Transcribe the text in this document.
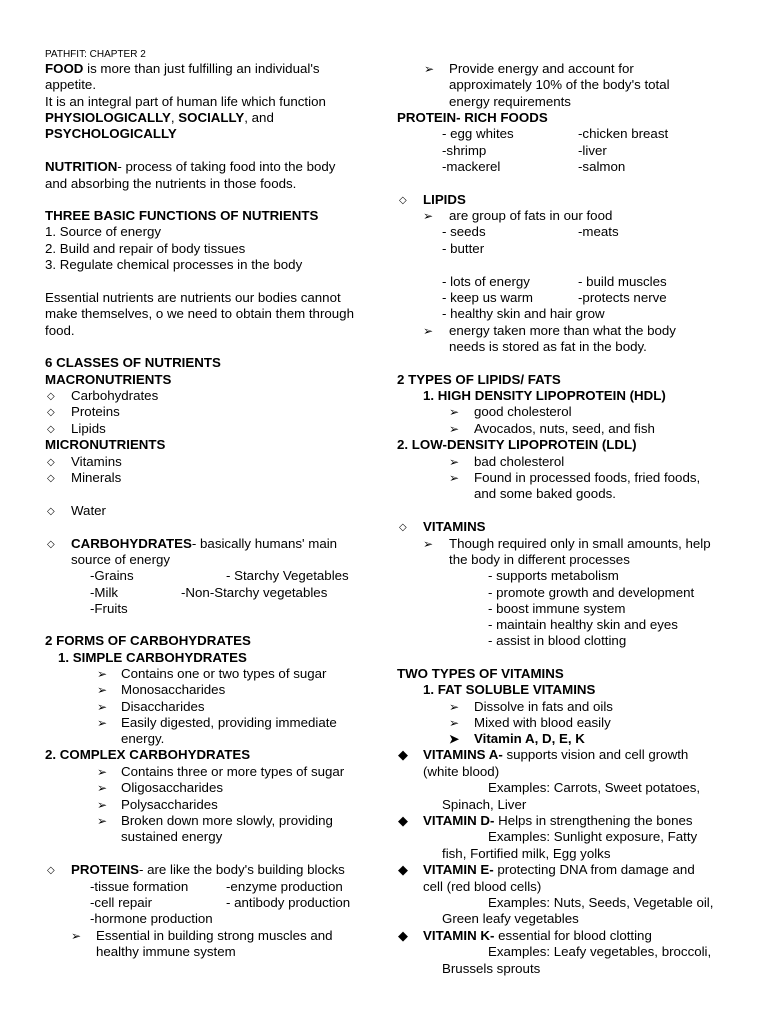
PATHFIT: CHAPTER 2
FOOD is more than just fulfilling an individual's
appetite.
It is an integral part of human life which function
PHYSIOLOGICALLY, SOCIALLY, and
PSYCHOLOGICALLY
NUTRITION- process of taking food into the body
and absorbing the nutrients in those foods.
THREE BASIC FUNCTIONS OF NUTRIENTS
1. Source of energy
2. Build and repair of body tissues
3. Regulate chemical processes in the body
Essential nutrients are nutrients our bodies cannot
make themselves, o we need to obtain them through
food.
6 CLASSES OF NUTRIENTS
MACRONUTRIENTS
◇ Carbohydrates
◇ Proteins
◇ Lipids
MICRONUTRIENTS
◇ Vitamins
◇ Minerals
◇ Water
◇ CARBOHYDRATES- basically humans' main
source of energy
-Grains	- Starchy Vegetables
-Milk	-Non-Starchy vegetables
-Fruits
2 FORMS OF CARBOHYDRATES
1. SIMPLE CARBOHYDRATES
➢ Contains one or two types of sugar
➢ Monosaccharides
➢ Disaccharides
➢ Easily digested, providing immediate
energy.
2. COMPLEX CARBOHYDRATES
➢ Contains three or more types of sugar
➢ Oligosaccharides
➢ Polysaccharides
➢ Broken down more slowly, providing
sustained energy
◇ PROTEINS- are like the body's building blocks
-tissue formation	-enzyme production
-cell repair	- antibody production
-hormone production
➢ Essential in building strong muscles and
healthy immune system
➢ Provide energy and account for
approximately 10% of the body's total
energy requirements
PROTEIN- RICH FOODS
- egg whites	-chicken breast
-shrimp	-liver
-mackerel	-salmon
◇ LIPIDS
➢ are group of fats in our food
- seeds	-meats
- butter
- lots of energy	- build muscles
- keep us warm	-protects nerve
- healthy skin and hair grow
➢ energy taken more than what the body
needs is stored as fat in the body.
2 TYPES OF LIPIDS/ FATS
1. HIGH DENSITY LIPOPROTEIN (HDL)
➢ good cholesterol
➢ Avocados, nuts, seed, and fish
2. LOW-DENSITY LIPOPROTEIN (LDL)
➢ bad cholesterol
➢ Found in processed foods, fried foods,
and some baked goods.
◇ VITAMINS
➢ Though required only in small amounts, help
the body in different processes
- supports metabolism
- promote growth and development
- boost immune system
- maintain healthy skin and eyes
- assist in blood clotting
TWO TYPES OF VITAMINS
1. FAT SOLUBLE VITAMINS
➢ Dissolve in fats and oils
➢ Mixed with blood easily
➤ Vitamin A, D, E, K
◆ VITAMINS A- supports vision and cell growth
(white blood)
Examples: Carrots, Sweet potatoes,
Spinach, Liver
◆ VITAMIN D- Helps in strengthening the bones
Examples: Sunlight exposure, Fatty
fish, Fortified milk, Egg yolks
◆ VITAMIN E- protecting DNA from damage and
cell (red blood cells)
Examples: Nuts, Seeds, Vegetable oil,
Green leafy vegetables
◆ VITAMIN K- essential for blood clotting
Examples: Leafy vegetables, broccoli,
Brussels sprouts
